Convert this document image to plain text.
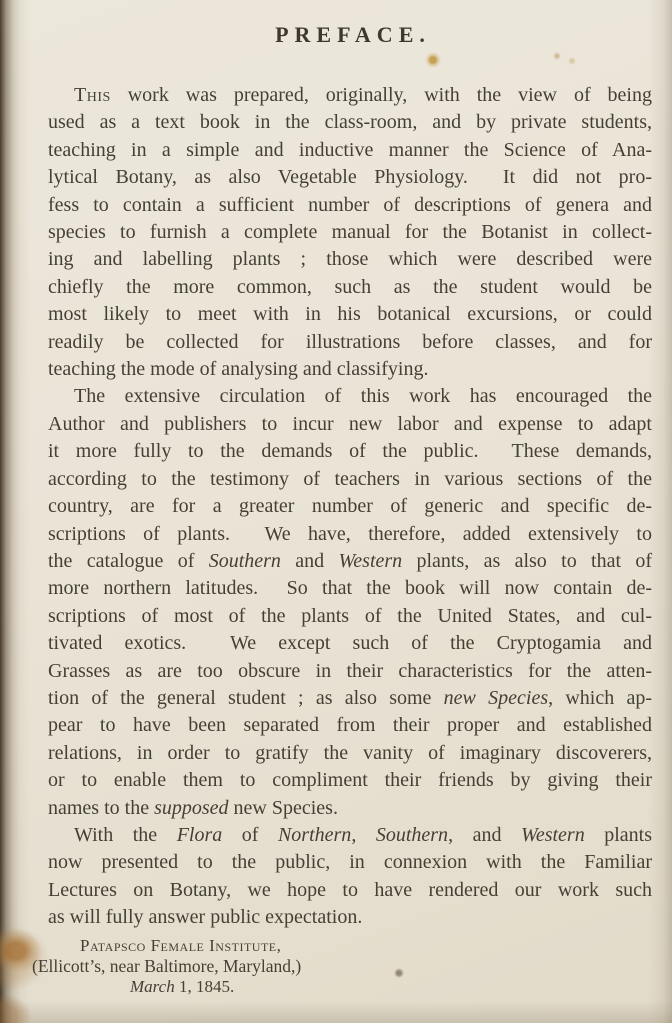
PREFACE.
This work was prepared, originally, with the view of being
used as a text book in the class-room, and by private students,
teaching in a simple and inductive manner the Science of Ana-
lytical Botany, as also Vegetable Physiology.  It did not pro-
fess to contain a sufficient number of descriptions of genera and
species to furnish a complete manual for the Botanist in collect-
ing and labelling plants ; those which were described were
chiefly the more common, such as the student would be
most likely to meet with in his botanical excursions, or could
readily be collected for illustrations before classes, and for
teaching the mode of analysing and classifying.
The extensive circulation of this work has encouraged the
Author and publishers to incur new labor and expense to adapt
it more fully to the demands of the public.  These demands,
according to the testimony of teachers in various sections of the
country, are for a greater number of generic and specific de-
scriptions of plants.  We have, therefore, added extensively to
the catalogue of Southern and Western plants, as also to that of
more northern latitudes.  So that the book will now contain de-
scriptions of most of the plants of the United States, and cul-
tivated exotics.  We except such of the Cryptogamia and
Grasses as are too obscure in their characteristics for the atten-
tion of the general student ; as also some new Species, which ap-
pear to have been separated from their proper and established
relations, in order to gratify the vanity of imaginary discoverers,
or to enable them to compliment their friends by giving their
names to the supposed new Species.
With the Flora of Northern, Southern, and Western plants
now presented to the public, in connexion with the Familiar
Lectures on Botany, we hope to have rendered our work such
as will fully answer public expectation.
Patapsco Female Institute,
(Ellicott’s, near Baltimore, Maryland,)
March 1, 1845.
